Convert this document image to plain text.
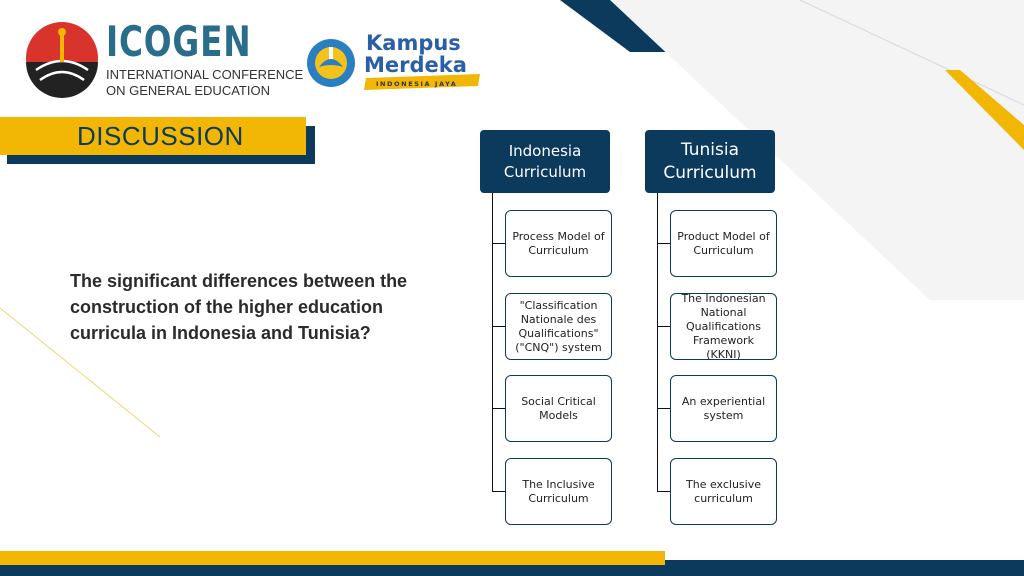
ICOGEN
INTERNATIONAL CONFERENCE
ON GENERAL EDUCATION
Kampus
Merdeka
INDONESIA JAYA
DISCUSSION
The significant differences between the construction of the higher education curricula in Indonesia and Tunisia?
Indonesia
Curriculum
Process Model of Curriculum
"Classification Nationale des Qualifications" ("CNQ") system
Social Critical Models
The Inclusive Curriculum
Tunisia
Curriculum
Product Model of Curriculum
The Indonesian National Qualifications Framework (KKNI)
An experiential system
The exclusive curriculum
